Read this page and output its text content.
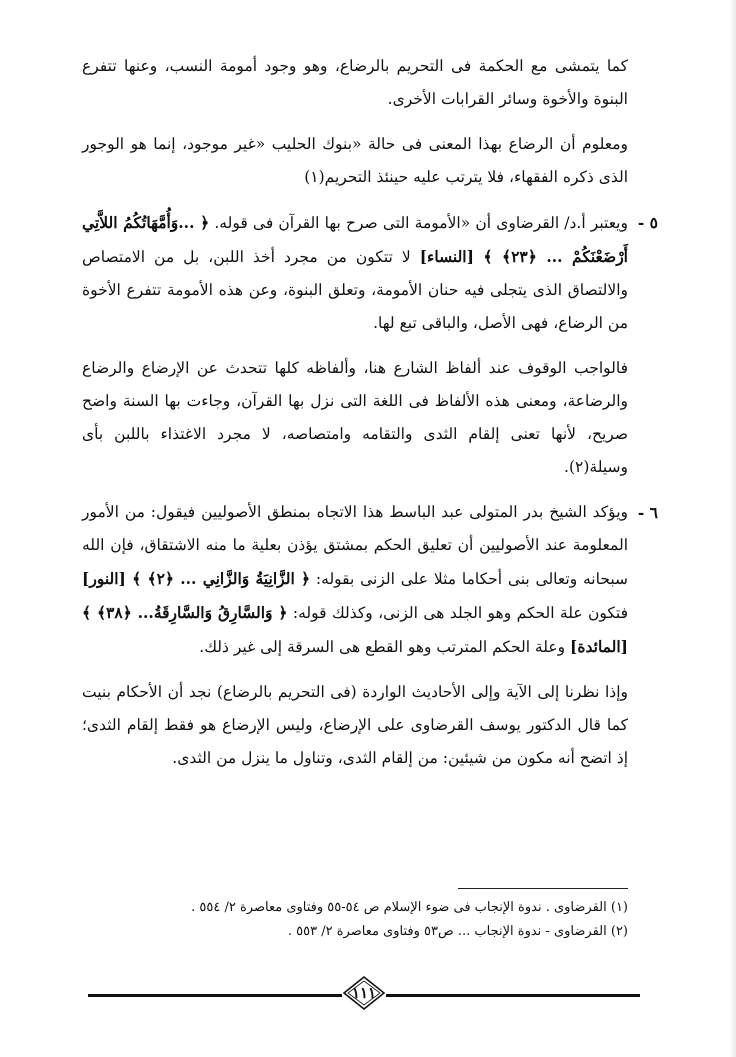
كما يتمشى مع الحكمة فى التحريم بالرضاع، وهو وجود أمومة النسب، وعنها تتفرع البنوة والأخوة وسائر القرابات الأخرى.

ومعلوم أن الرضاع بهذا المعنى فى حالة «بنوك الحليب «غير موجود، إنما هو الوجور الذى ذكره الفقهاء، فلا يترتب عليه حينئذ التحريم(١)

٥ -
ويعتبر أ.د/ القرضاوى أن «الأمومة التى صرح بها القرآن فى قوله. ﴿ ...وَأُمَّهَاتُكُمُ اللاَّتِي أَرْضَعْنَكُمْ ... ﴿٢٣﴾ ﴾ [النساء] لا تتكون من مجرد أخذ اللبن، بل من الامتصاص والالتصاق الذى يتجلى فيه حنان الأمومة، وتعلق البنوة، وعن هذه الأمومة تتفرع الأخوة من الرضاع، فهى الأصل، والباقى تبع لها.

فالواجب الوقوف عند ألفاظ الشارع هنا، وألفاظه كلها تتحدث عن الإرضاع والرضاع والرضاعة، ومعنى هذه الألفاظ فى اللغة التى نزل بها القرآن، وجاءت بها السنة واضح صريح، لأنها تعنى إلقام الثدى والتقامه وامتصاصه، لا مجرد الاغتذاء باللبن بأى وسيلة(٢).

٦ -
ويؤكد الشيخ بدر المتولى عبد الباسط هذا الاتجاه بمنطق الأصوليين فيقول: من الأمور المعلومة عند الأصوليين أن تعليق الحكم بمشتق يؤذن بعلية ما منه الاشتقاق، فإن الله سبحانه وتعالى بنى أحكاما مثلا على الزنى بقوله: ﴿ الزَّانِيَةُ وَالزَّانِي ... ﴿٢﴾ ﴾ [النور] فتكون علة الحكم وهو الجلد هى الزنى، وكذلك قوله: ﴿ وَالسَّارِقُ وَالسَّارِقَةُ... ﴿٣٨﴾ ﴾ [المائدة] وعلة الحكم المترتب وهو القطع هى السرقة إلى غير ذلك.

وإذا نظرنا إلى الآية وإلى الأحاديث الواردة (فى التحريم بالرضاع) نجد أن الأحكام بنيت كما قال الدكتور يوسف القرضاوى على الإرضاع، وليس الإرضاع هو فقط إلقام الثدى؛ إذ اتضح أنه مكون من شيئين: من إلقام الثدى، وتناول ما ينزل من الثدى.

(١) القرضاوى . ندوة الإنجاب فى ضوء الإسلام ص ٥٤-٥٥ وفتاوى معاصرة ٢/ ٥٥٤ .
(٢) القرضاوى - ندوة الإنجاب ... ص٥٣ وفتاوى معاصرة ٢/ ٥٥٣ .
١١١
